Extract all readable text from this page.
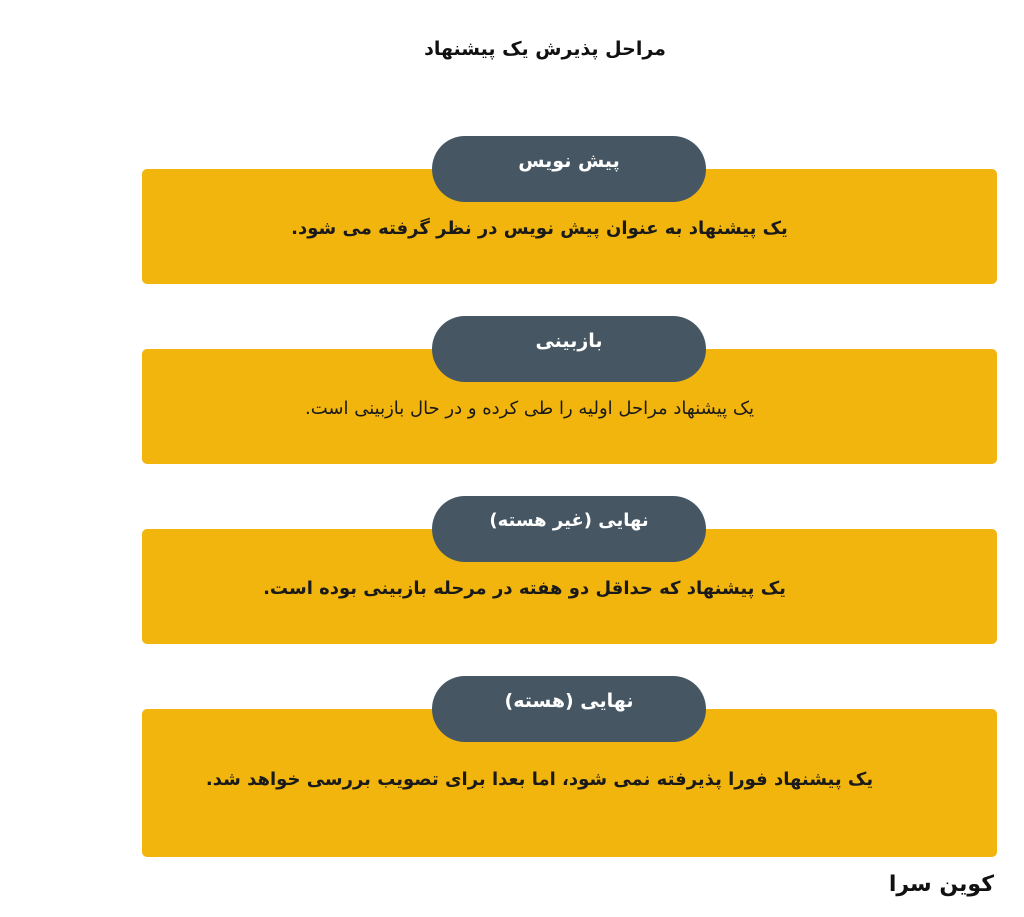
مراحل پذیرش یک پیشنهاد
یک پیشنهاد به عنوان پیش نویس در نظر گرفته می شود.
پیش نویس
یک پیشنهاد مراحل اولیه را طی کرده و در حال بازبینی است.
بازبینی
یک پیشنهاد که حداقل دو هفته در مرحله بازبینی بوده است.
نهایی (غیر هسته)
یک پیشنهاد فورا پذیرفته نمی شود، اما بعدا برای تصویب بررسی خواهد شد.
نهایی (هسته)
کوین سرا
